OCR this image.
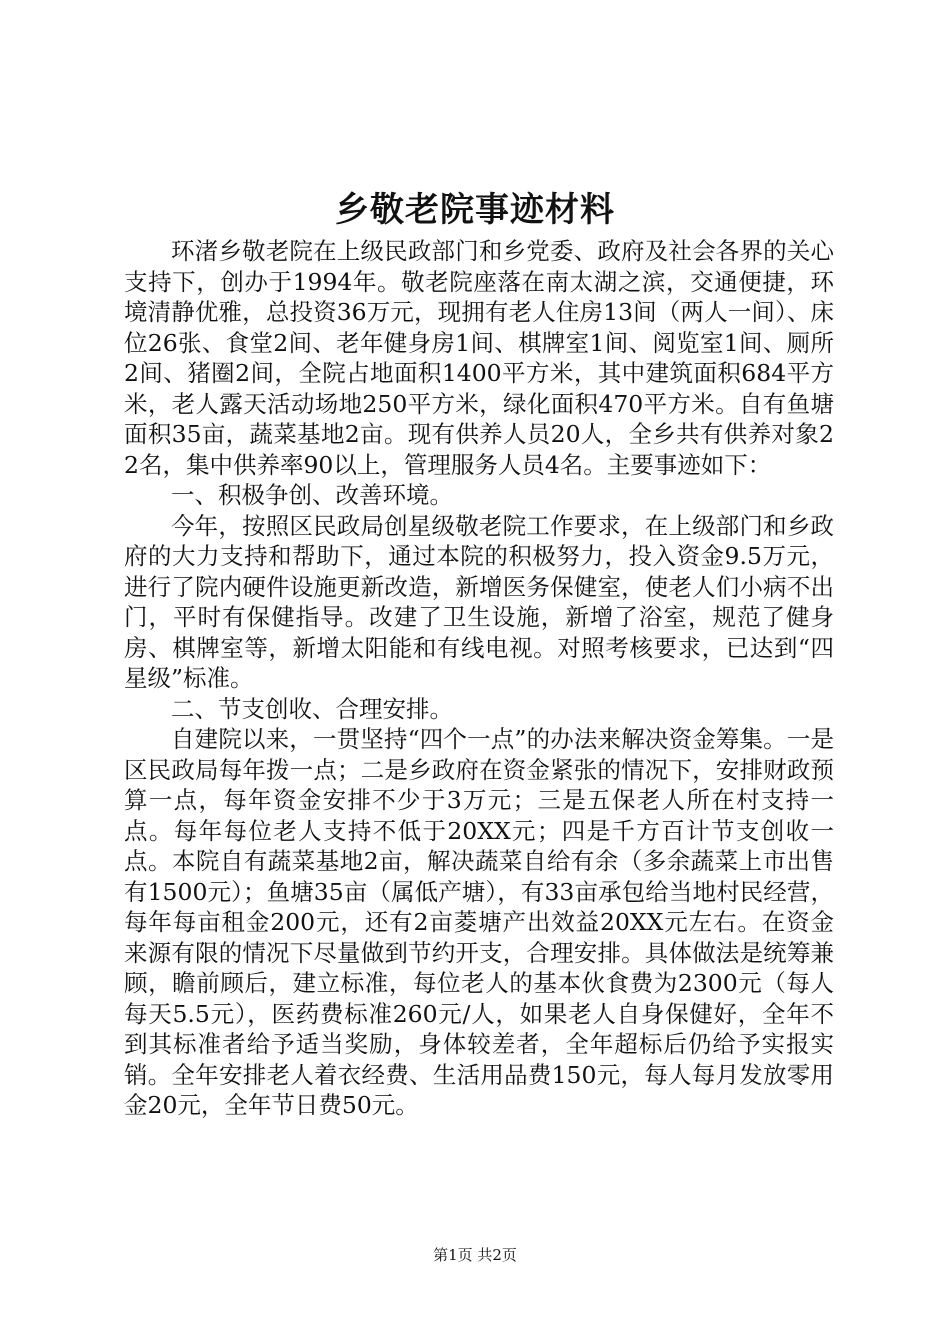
乡敬老院事迹材料

环渚乡敬老院在上级民政部门和乡党委、政府及社会各界的关心支持下，创办于1994年。敬老院座落在南太湖之滨，交通便捷，环境清静优雅，总投资36万元，现拥有老人住房13间（两人一间）、床位26张、食堂2间、老年健身房1间、棋牌室1间、阅览室1间、厕所2间、猪圈2间，全院占地面积1400平方米，其中建筑面积684平方米，老人露天活动场地250平方米，绿化面积470平方米。自有鱼塘面积35亩，蔬菜基地2亩。现有供养人员20人，全乡共有供养对象22名，集中供养率90以上，管理服务人员4名。主要事迹如下：

一、积极争创、改善环境。

今年，按照区民政局创星级敬老院工作要求，在上级部门和乡政府的大力支持和帮助下，通过本院的积极努力，投入资金9.5万元，进行了院内硬件设施更新改造，新增医务保健室，使老人们小病不出门，平时有保健指导。改建了卫生设施，新增了浴室，规范了健身房、棋牌室等，新增太阳能和有线电视。对照考核要求，已达到“四星级”标准。

二、节支创收、合理安排。

自建院以来，一贯坚持“四个一点”的办法来解决资金筹集。一是区民政局每年拨一点；二是乡政府在资金紧张的情况下，安排财政预算一点，每年资金安排不少于3万元；三是五保老人所在村支持一点。每年每位老人支持不低于20XX元；四是千方百计节支创收一点。本院自有蔬菜基地2亩，解决蔬菜自给有余（多余蔬菜上市出售有1500元）；鱼塘35亩（属低产塘），有33亩承包给当地村民经营，每年每亩租金200元，还有2亩菱塘产出效益20XX元左右。在资金来源有限的情况下尽量做到节约开支，合理安排。具体做法是统筹兼顾，瞻前顾后，建立标准，每位老人的基本伙食费为2300元（每人每天5.5元），医药费标准260元/人，如果老人自身保健好，全年不到其标准者给予适当奖励，身体较差者，全年超标后仍给予实报实销。全年安排老人着衣经费、生活用品费150元，每人每月发放零用金20元，全年节日费50元。

第1页 共2页
